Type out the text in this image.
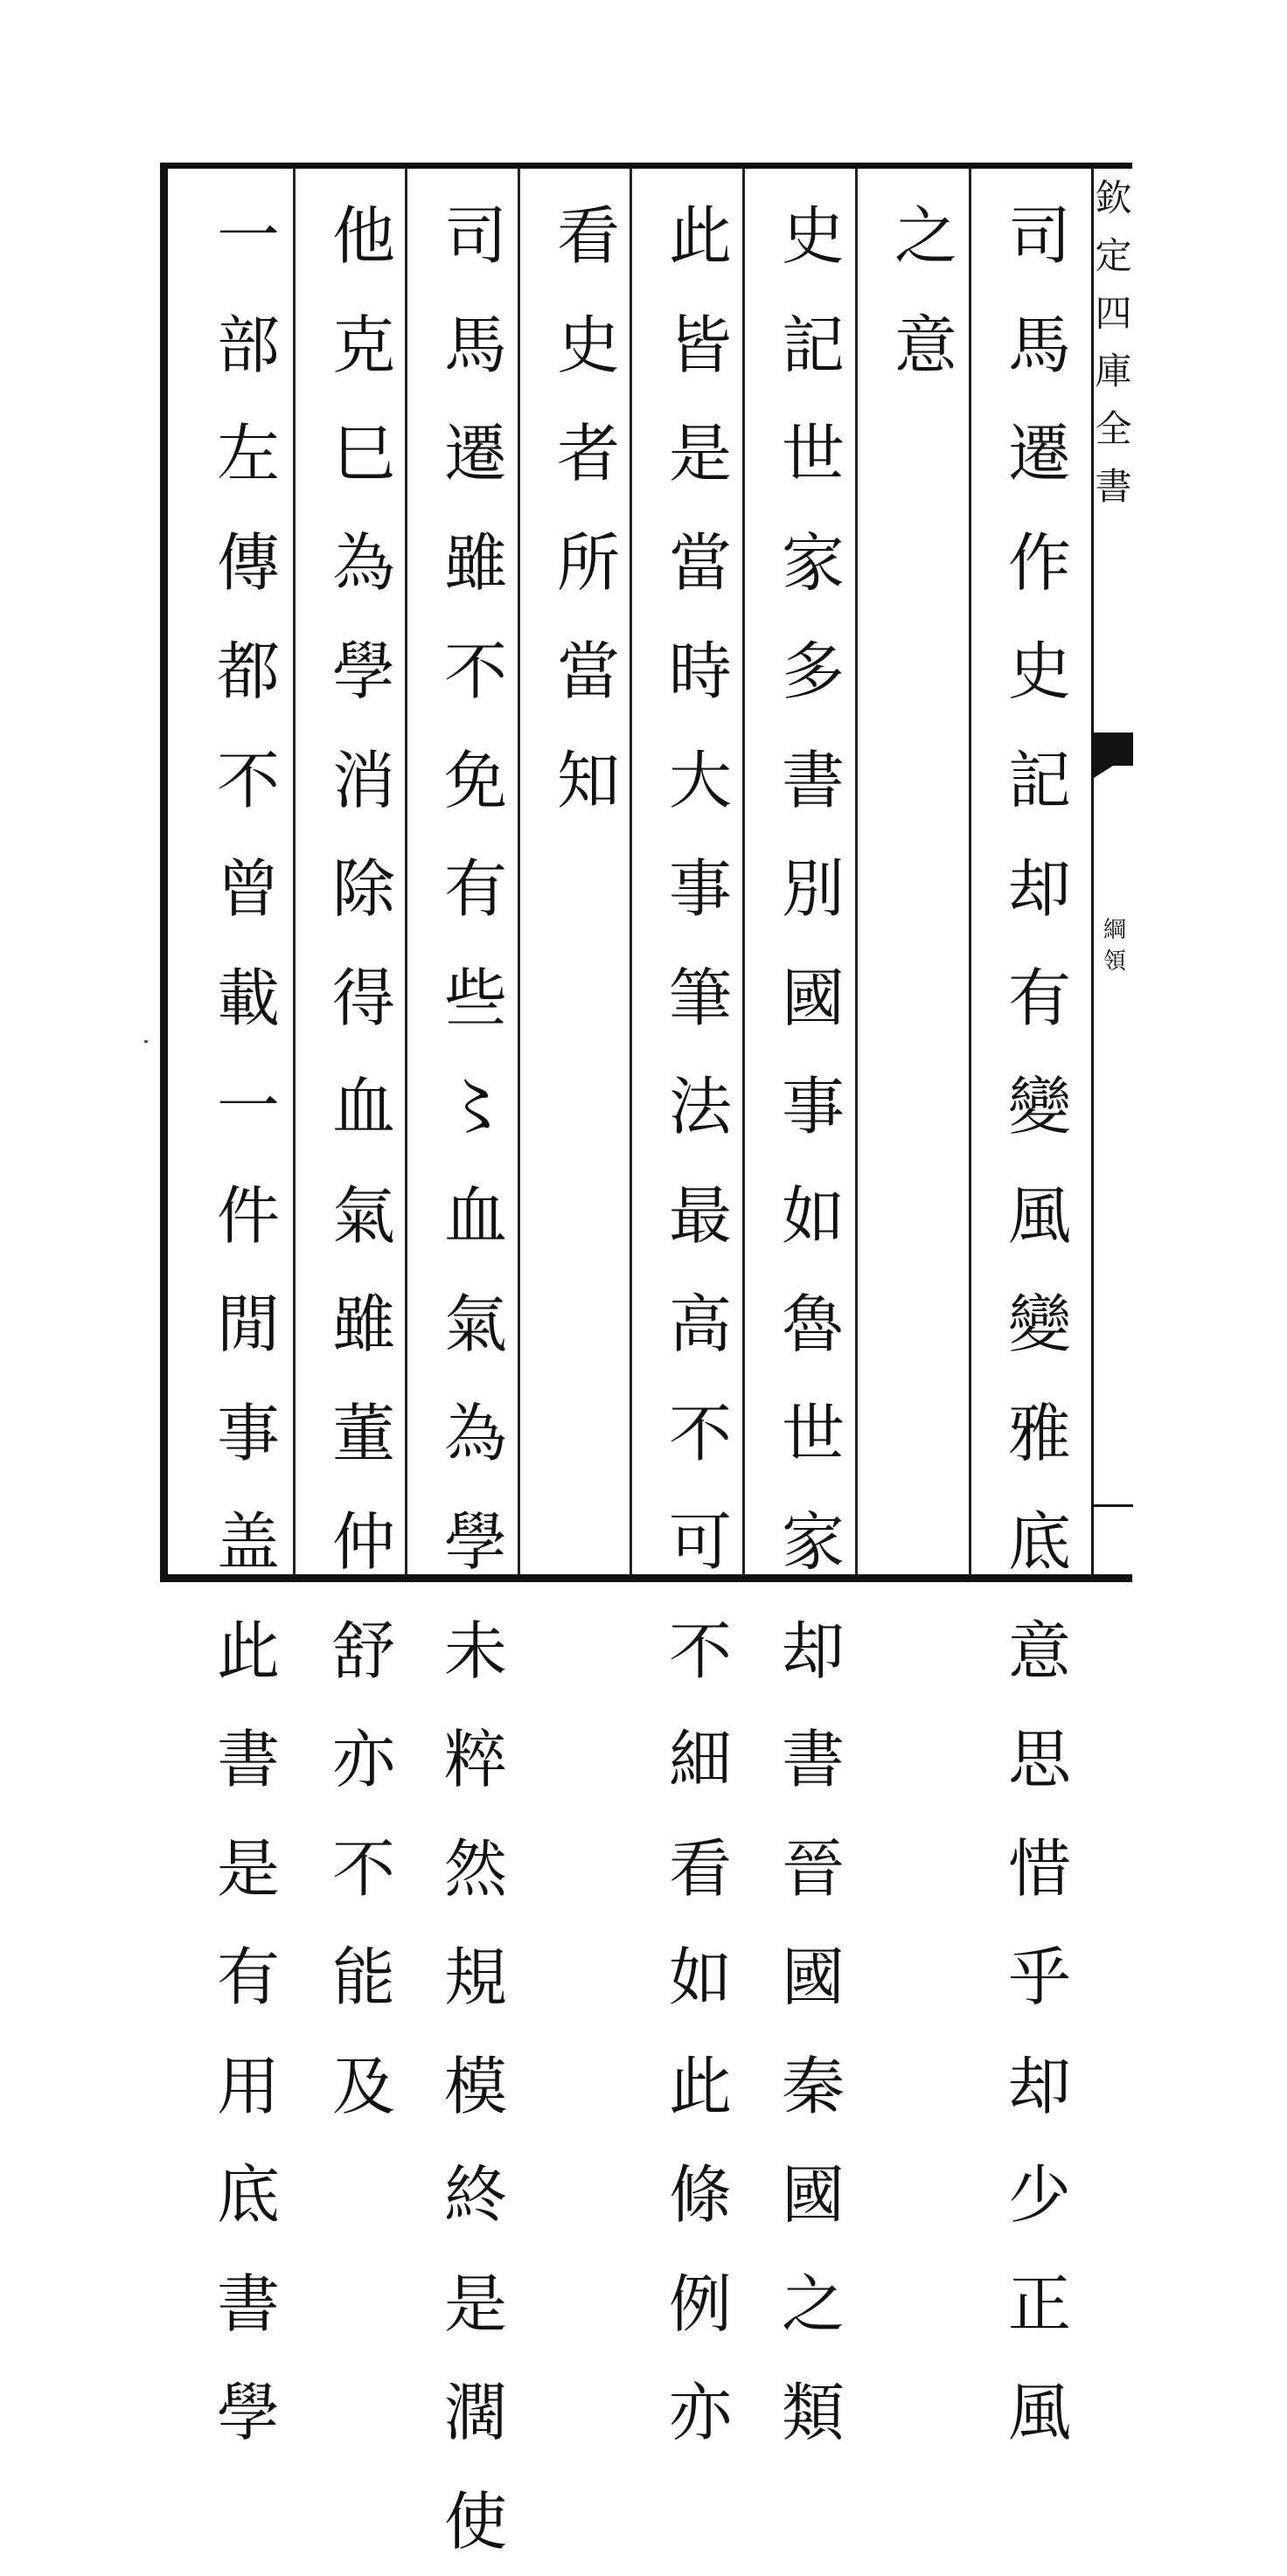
司
馬
遷
作
史
記
却
有
變
風
變
雅
底
意
思
惜
乎
却
少
正
風
之
意
史
記
世
家
多
書
別
國
事
如
魯
世
家
却
書
晉
國
秦
國
之
類
此
皆
是
當
時
大
事
筆
法
最
高
不
可
不
細
看
如
此
條
例
亦
看
史
者
所
當
知
司
馬
遷
雖
不
免
有
些
〻
血
氣
為
學
未
粹
然
規
模
終
是
濶
使
他
克
巳
為
學
消
除
得
血
氣
雖
董
仲
舒
亦
不
能
及
一
部
左
傳
都
不
曾
載
一
件
閒
事
盖
此
書
是
有
用
底
書
學
欽
定
四
庫
全
書
綱
領
